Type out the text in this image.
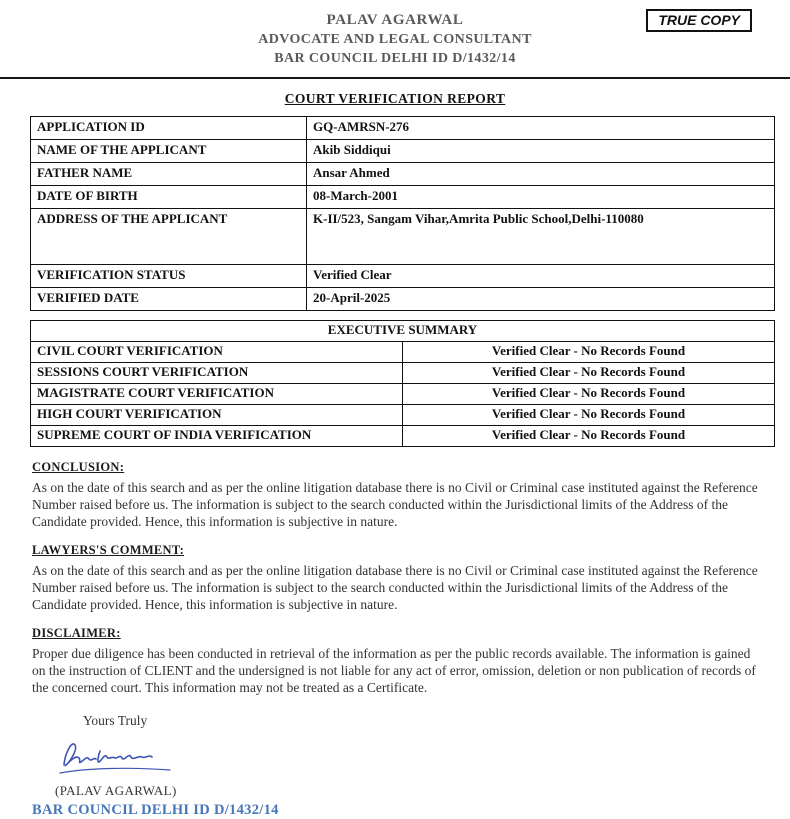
PALAV AGARWAL
ADVOCATE AND LEGAL CONSULTANT
BAR COUNCIL DELHI ID D/1432/14
TRUE COPY
COURT VERIFICATION REPORT
APPLICATION ID	GQ-AMRSN-276
NAME OF THE APPLICANT	Akib Siddiqui
FATHER NAME	Ansar Ahmed
DATE OF BIRTH	08-March-2001
ADDRESS OF THE APPLICANT	K-II/523, Sangam Vihar,Amrita Public School,Delhi-110080
VERIFICATION STATUS	Verified Clear
VERIFIED DATE	20-April-2025
EXECUTIVE SUMMARY	
CIVIL COURT VERIFICATION	Verified Clear - No Records Found
SESSIONS COURT VERIFICATION	Verified Clear - No Records Found
MAGISTRATE COURT VERIFICATION	Verified Clear - No Records Found
HIGH COURT VERIFICATION	Verified Clear - No Records Found
SUPREME COURT OF INDIA VERIFICATION	Verified Clear - No Records Found
CONCLUSION:
As on the date of this search and as per the online litigation database there is no Civil or Criminal case instituted against the Reference Number raised before us. The information is subject to the search conducted within the Jurisdictional limits of the Address of the Candidate provided. Hence, this information is subjective in nature.
LAWYERS'S COMMENT:
As on the date of this search and as per the online litigation database there is no Civil or Criminal case instituted against the Reference Number raised before us. The information is subject to the search conducted within the Jurisdictional limits of the Address of the Candidate provided. Hence, this information is subjective in nature.
DISCLAIMER:
Proper due diligence has been conducted in retrieval of the information as per the public records available. The information is gained on the instruction of CLIENT and the undersigned is not liable for any act of error, omission, deletion or non publication of records of the concerned court. This information may not be treated as a Certificate.
Yours Truly
(PALAV AGARWAL)
BAR COUNCIL DELHI ID D/1432/14
